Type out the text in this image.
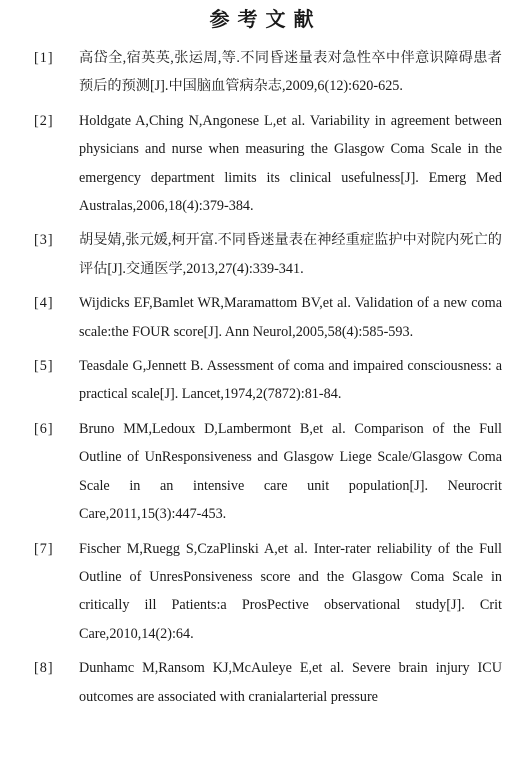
参考文献
[1] 高岱全,宿英英,张运周,等.不同昏迷量表对急性卒中伴意识障碍患者预后的预测[J].中国脑血管病杂志,2009,6(12):620-625.
[2] Holdgate A,Ching N,Angonese L,et al. Variability in agreement between physicians and nurse when measuring the Glasgow Coma Scale in the emergency department limits its clinical usefulness[J]. Emerg Med Australas,2006,18(4):379-384.
[3] 胡旻婧,张元媛,柯开富.不同昏迷量表在神经重症监护中对院内死亡的评估[J].交通医学,2013,27(4):339-341.
[4] Wijdicks EF,Bamlet WR,Maramattom BV,et al. Validation of a new coma scale:the FOUR score[J]. Ann Neurol,2005,58(4):585-593.
[5] Teasdale G,Jennett B. Assessment of coma and impaired consciousness: a practical scale[J]. Lancet,1974,2(7872):81-84.
[6] Bruno MM,Ledoux D,Lambermont B,et al. Comparison of the Full Outline of UnResponsiveness and Glasgow Liege Scale/Glasgow Coma Scale in an intensive care unit population[J]. Neurocrit Care,2011,15(3):447-453.
[7] Fischer M,Ruegg S,CzaPlinski A,et al. Inter-rater reliability of the Full Outline of UnresPonsiveness score and the Glasgow Coma Scale in critically ill Patients:a ProsPective observational study[J]. Crit Care,2010,14(2):64.
[8] Dunhamc M,Ransom KJ,McAuleye E,et al. Severe brain injury ICU outcomes are associated with cranialarterial pressure
